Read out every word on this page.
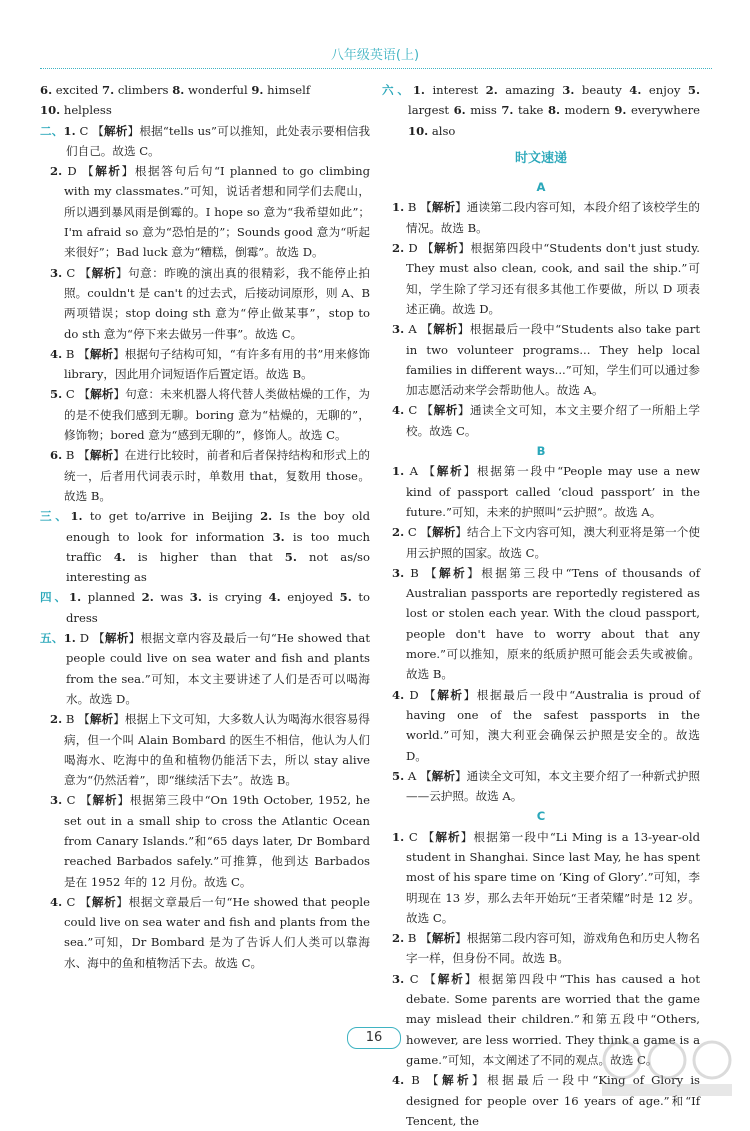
八年级英语(上)
6. excited 7. climbers 8. wonderful 9. himself
10. helpless
二、1. C 【解析】根据“tells us”可以推知，此处表示要相信我们自己。故选 C。
2. D 【解析】根据答句后句“I planned to go climbing with my classmates.”可知，说话者想和同学们去爬山，所以遇到暴风雨是倒霉的。I hope so 意为“我希望如此”；I'm afraid so 意为“恐怕是的”；Sounds good 意为“听起来很好”；Bad luck 意为“糟糕，倒霉”。故选 D。
3. C 【解析】句意：昨晚的演出真的很精彩，我不能停止拍照。couldn't 是 can't 的过去式，后接动词原形，则 A、B 两项错误；stop doing sth 意为“停止做某事”，stop to do sth 意为“停下来去做另一件事”。故选 C。
4. B 【解析】根据句子结构可知，“有许多有用的书”用来修饰 library，因此用介词短语作后置定语。故选 B。
5. C 【解析】句意：未来机器人将代替人类做枯燥的工作，为的是不使我们感到无聊。boring 意为“枯燥的，无聊的”，修饰物；bored 意为“感到无聊的”，修饰人。故选 C。
6. B 【解析】在进行比较时，前者和后者保持结构和形式上的统一，后者用代词表示时，单数用 that，复数用 those。故选 B。
三、1. to get to/arrive in Beijing 2. Is the boy old enough to look for information 3. is too much traffic 4. is higher than that 5. not as/so interesting as
四、1. planned 2. was 3. is crying 4. enjoyed 5. to dress
五、1. D 【解析】根据文章内容及最后一句“He showed that people could live on sea water and fish and plants from the sea.”可知，本文主要讲述了人们是否可以喝海水。故选 D。
2. B 【解析】根据上下文可知，大多数人认为喝海水很容易得病，但一个叫 Alain Bombard 的医生不相信，他认为人们喝海水、吃海中的鱼和植物仍能活下去，所以 stay alive 意为“仍然活着”，即“继续活下去”。故选 B。
3. C 【解析】根据第三段中“On 19th October, 1952, he set out in a small ship to cross the Atlantic Ocean from Canary Islands.”和“65 days later, Dr Bombard reached Barbados safely.”可推算，他到达 Barbados 是在 1952 年的 12 月份。故选 C。
4. C 【解析】根据文章最后一句“He showed that people could live on sea water and fish and plants from the sea.”可知，Dr Bombard 是为了告诉人们人类可以靠海水、海中的鱼和植物活下去。故选 C。
六、1. interest 2. amazing 3. beauty 4. enjoy 5. largest 6. miss 7. take 8. modern 9. everywhere 10. also
时文速递
A
1. B 【解析】通读第二段内容可知，本段介绍了该校学生的情况。故选 B。
2. D 【解析】根据第四段中“Students don't just study. They must also clean, cook, and sail the ship.”可知，学生除了学习还有很多其他工作要做，所以 D 项表述正确。故选 D。
3. A 【解析】根据最后一段中“Students also take part in two volunteer programs... They help local families in different ways...”可知，学生们可以通过参加志愿活动来学会帮助他人。故选 A。
4. C 【解析】通读全文可知，本文主要介绍了一所船上学校。故选 C。
B
1. A 【解析】根据第一段中“People may use a new kind of passport called ‘cloud passport’ in the future.”可知，未来的护照叫“云护照”。故选 A。
2. C 【解析】结合上下文内容可知，澳大利亚将是第一个使用云护照的国家。故选 C。
3. B 【解析】根据第三段中“Tens of thousands of Australian passports are reportedly registered as lost or stolen each year. With the cloud passport, people don't have to worry about that any more.”可以推知，原来的纸质护照可能会丢失或被偷。故选 B。
4. D 【解析】根据最后一段中“Australia is proud of having one of the safest passports in the world.”可知，澳大利亚会确保云护照是安全的。故选 D。
5. A 【解析】通读全文可知，本文主要介绍了一种新式护照——云护照。故选 A。
C
1. C 【解析】根据第一段中“Li Ming is a 13-year-old student in Shanghai. Since last May, he has spent most of his spare time on ‘King of Glory’.”可知，李明现在 13 岁，那么去年开始玩“王者荣耀”时是 12 岁。故选 C。
2. B 【解析】根据第二段内容可知，游戏角色和历史人物名字一样，但身份不同。故选 B。
3. C 【解析】根据第四段中“This has caused a hot debate. Some parents are worried that the game may mislead their children.”和第五段中“Others, however, are less worried. They think a game is a game.”可知，本文阐述了不同的观点。故选 C。
4. B 【解析】根据最后一段中“King of Glory is designed for people over 16 years of age.”和“If Tencent, the
16
